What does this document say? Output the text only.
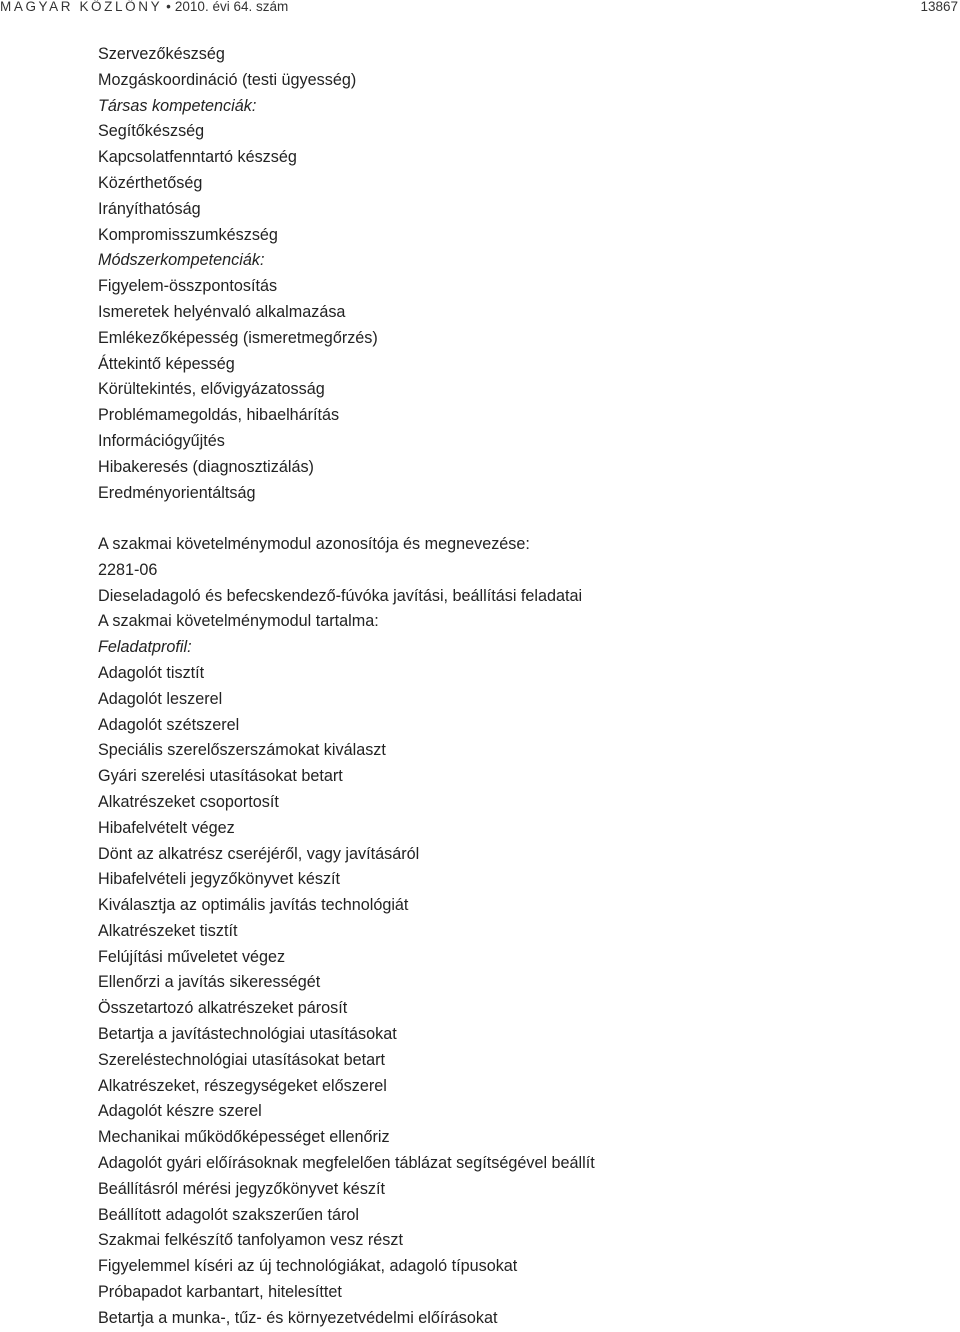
MAGYAR KÖZLÖNY • 2010. évi 64. szám	13867
Szervezőkészség
Mozgáskoordináció (testi ügyesség)
Társas kompetenciák:
Segítőkészség
Kapcsolatfenntartó készség
Közérthetőség
Irányíthatóság
Kompromisszumkészség
Módszerkompetenciák:
Figyelem-összpontosítás
Ismeretek helyénvaló alkalmazása
Emlékezőképesség (ismeretmegőrzés)
Áttekintő képesség
Körültekintés, elővigyázatosság
Problémamegoldás, hibaelhárítás
Információgyűjtés
Hibakeresés (diagnosztizálás)
Eredményorientáltság
A szakmai követelménymodul azonosítója és megnevezése:
2281-06
Dieseladagoló és befecskendező-fúvóka javítási, beállítási feladatai
A szakmai követelménymodul tartalma:
Feladatprofil:
Adagolót tisztít
Adagolót leszerel
Adagolót szétszerel
Speciális szerelőszerszámokat kiválaszt
Gyári szerelési utasításokat betart
Alkatrészeket csoportosít
Hibafelvételt végez
Dönt az alkatrész cseréjéről, vagy javításáról
Hibafelvételi jegyzőkönyvet készít
Kiválasztja az optimális javítás technológiát
Alkatrészeket tisztít
Felújítási műveletet végez
Ellenőrzi a javítás sikerességét
Összetartozó alkatrészeket párosít
Betartja a javítástechnológiai utasításokat
Szereléstechnológiai utasításokat betart
Alkatrészeket, részegységeket előszerel
Adagolót készre szerel
Mechanikai működőképességet ellenőriz
Adagolót gyári előírásoknak megfelelően táblázat segítségével beállít
Beállításról mérési jegyzőkönyvet készít
Beállított adagolót szakszerűen tárol
Szakmai felkészítő tanfolyamon vesz részt
Figyelemmel kíséri az új technológiákat, adagoló típusokat
Próbapadot karbantart, hitelesíttet
Betartja a munka-, tűz- és környezetvédelmi előírásokat
